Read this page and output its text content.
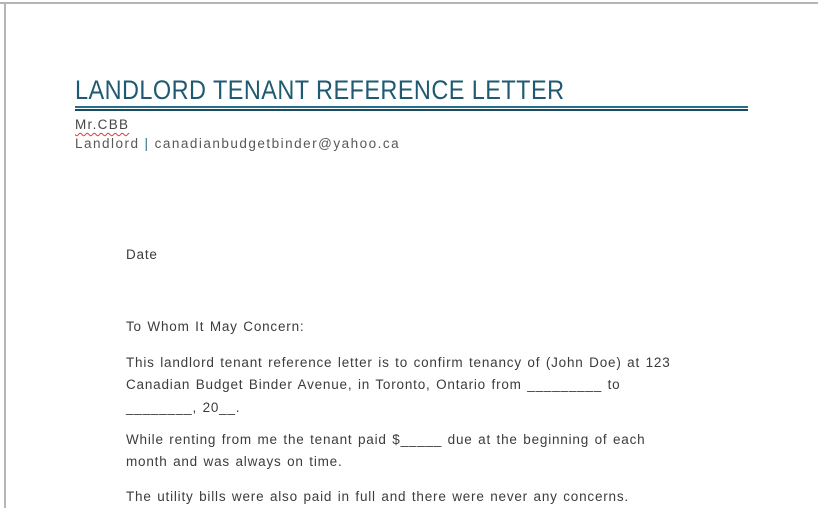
LANDLORD TENANT REFERENCE LETTER
Mr.CBB
Landlord | canadianbudgetbinder@yahoo.ca
Date
To Whom It May Concern:
This landlord tenant reference letter is to confirm tenancy of (John Doe) at 123
Canadian Budget Binder Avenue, in Toronto, Ontario from _________ to
________, 20__.
While renting from me the tenant paid $_____ due at the beginning of each
month and was always on time.
The utility bills were also paid in full and there were never any concerns.
